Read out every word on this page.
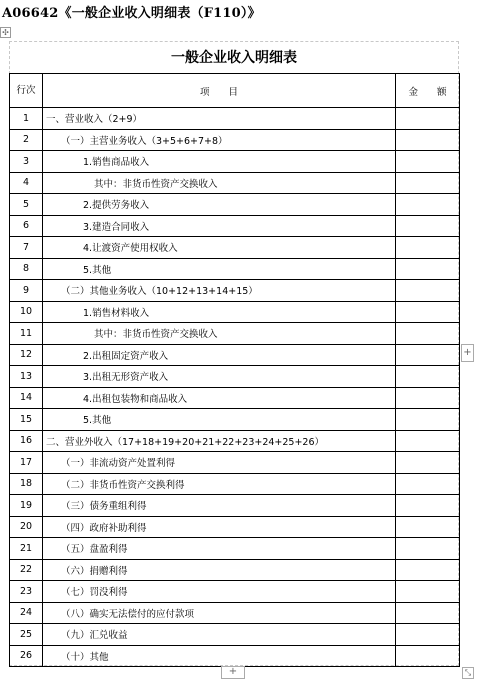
A06642《一般企业收入明细表（F110）》
✣
一般企业收入明细表
行次	项　　目	金　　额
1	一、营业收入（2+9）	
2	（一）主营业务收入（3+5+6+7+8）	
3	1.销售商品收入	
4	其中：非货币性资产交换收入	
5	2.提供劳务收入	
6	3.建造合同收入	
7	4.让渡资产使用权收入	
8	5.其他	
9	（二）其他业务收入（10+12+13+14+15）	
10	1.销售材料收入	
11	其中：非货币性资产交换收入	
12	2.出租固定资产收入	
13	3.出租无形资产收入	
14	4.出租包装物和商品收入	
15	5.其他	
16	二、营业外收入（17+18+19+20+21+22+23+24+25+26）	
17	（一）非流动资产处置利得	
18	（二）非货币性资产交换利得	
19	（三）债务重组利得	
20	（四）政府补助利得	
21	（五）盘盈利得	
22	（六）捐赠利得	
23	（七）罚没利得	
24	（八）确实无法偿付的应付款项	
25	（九）汇兑收益	
26	（十）其他	
+
+	⤡
